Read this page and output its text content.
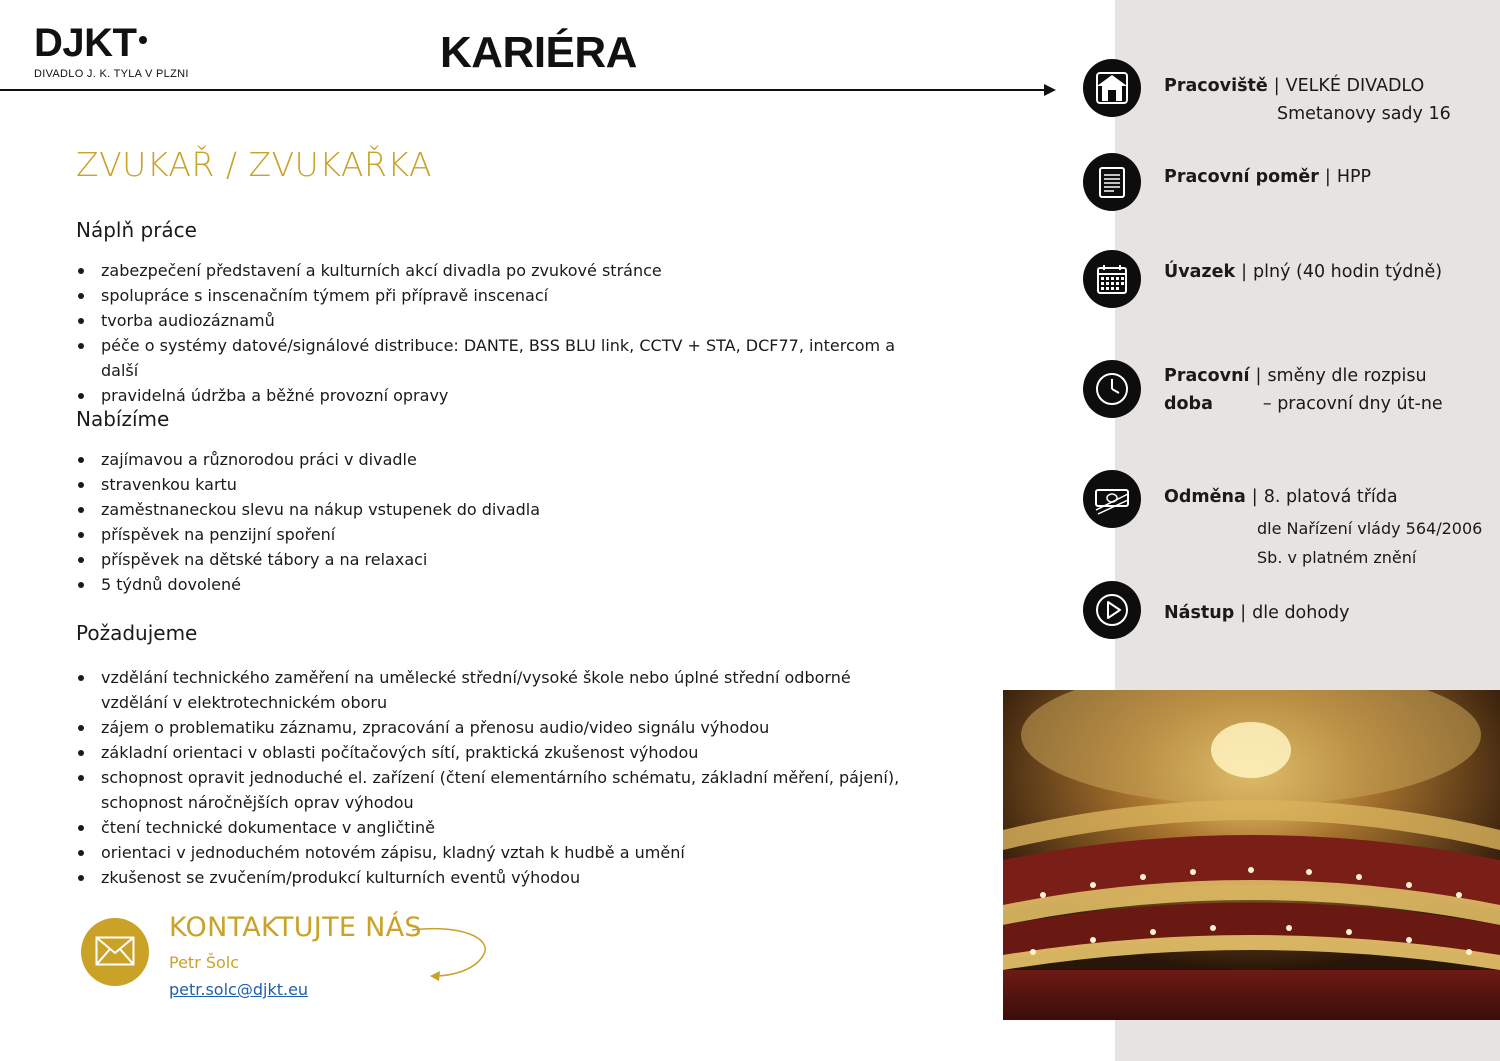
DJKT
DIVADLO J. K. TYLA V PLZNI	KARIÉRA
ZVUKAŘ / ZVUKAŘKA
Náplň práce
zabezpečení představení a kulturních akcí divadla po zvukové stránce
spolupráce s inscenačním týmem při přípravě inscenací
tvorba audiozáznamů
péče o systémy datové/signálové distribuce: DANTE, BSS BLU link, CCTV + STA, DCF77, intercom a další
pravidelná údržba a běžné provozní opravy
Nabízíme
zajímavou a různorodou práci v divadle
stravenkou kartu
zaměstnaneckou slevu na nákup vstupenek do divadla
příspěvek na penzijní spoření
příspěvek na dětské tábory a na relaxaci
5 týdnů dovolené
Požadujeme
vzdělání technického zaměření na umělecké střední/vysoké škole nebo úplné střední odborné vzdělání v elektrotechnickém oboru
zájem o problematiku záznamu, zpracování a přenosu audio/video signálu výhodou
základní orientaci v oblasti počítačových sítí, praktická zkušenost výhodou
schopnost opravit jednoduché el. zařízení (čtení elementárního schématu, základní měření, pájení), schopnost náročnějších oprav výhodou
čtení technické dokumentace v angličtině
orientaci v jednoduchém notovém zápisu, kladný vztah k hudbě a umění
zkušenost se zvučením/produkcí kulturních eventů výhodou
KONTAKTUJTE NÁS
Petr Šolc
petr.solc@djkt.eu
Pracoviště | VELKÉ DIVADLO
Smetanovy sady 16
Pracovní poměr | HPP
Úvazek | plný (40 hodin týdně)
Pracovní | směny dle rozpisu
doba	– pracovní dny út-ne
Odměna | 8. platová třída
dle Nařízení vlády 564/2006
Sb. v platném znění
Nástup | dle dohody
